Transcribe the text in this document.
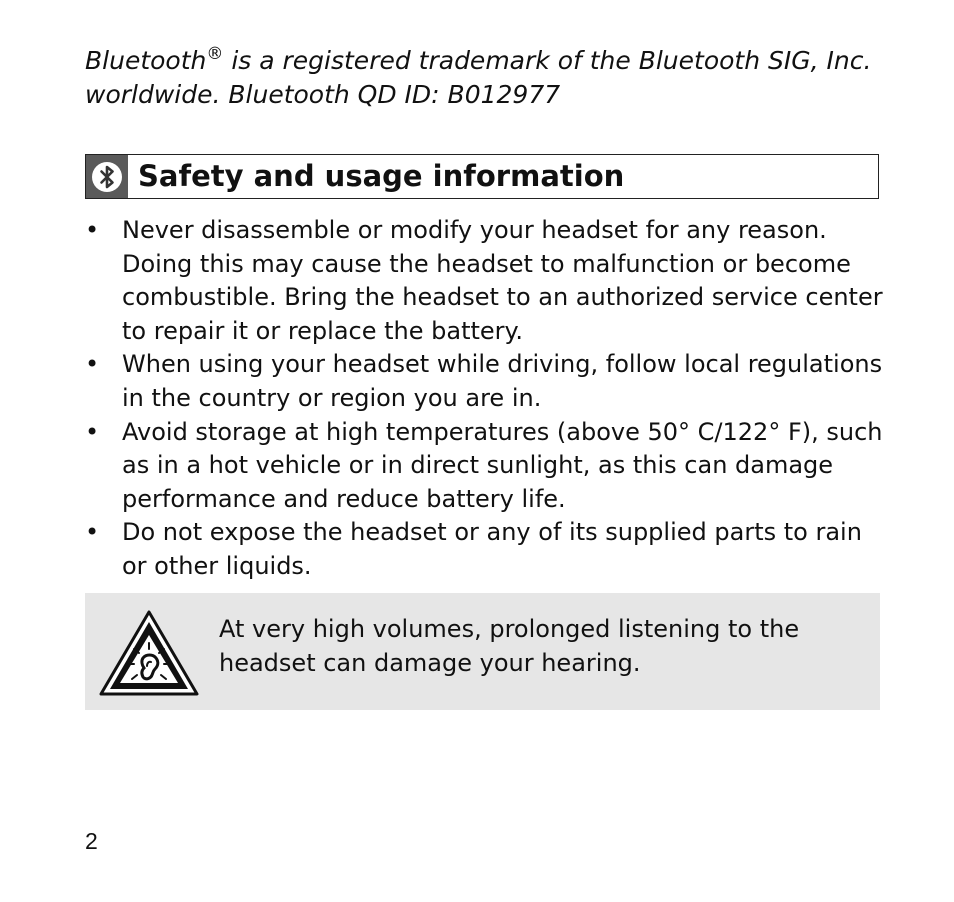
Bluetooth® is a registered trademark of the Bluetooth SIG, Inc.
worldwide. Bluetooth QD ID: B012977

Safety and usage information
• Never disassemble or modify your headset for any reason. Doing this may cause the headset to malfunction or become combustible. Bring the headset to an authorized service center to repair it or replace the battery.
• When using your headset while driving, follow local regulations in the country or region you are in.
• Avoid storage at high temperatures (above 50° C/122° F), such as in a hot vehicle or in direct sunlight, as this can damage performance and reduce battery life.
• Do not expose the headset or any of its supplied parts to rain or other liquids.

At very high volumes, prolonged listening to the headset can damage your hearing.

2
